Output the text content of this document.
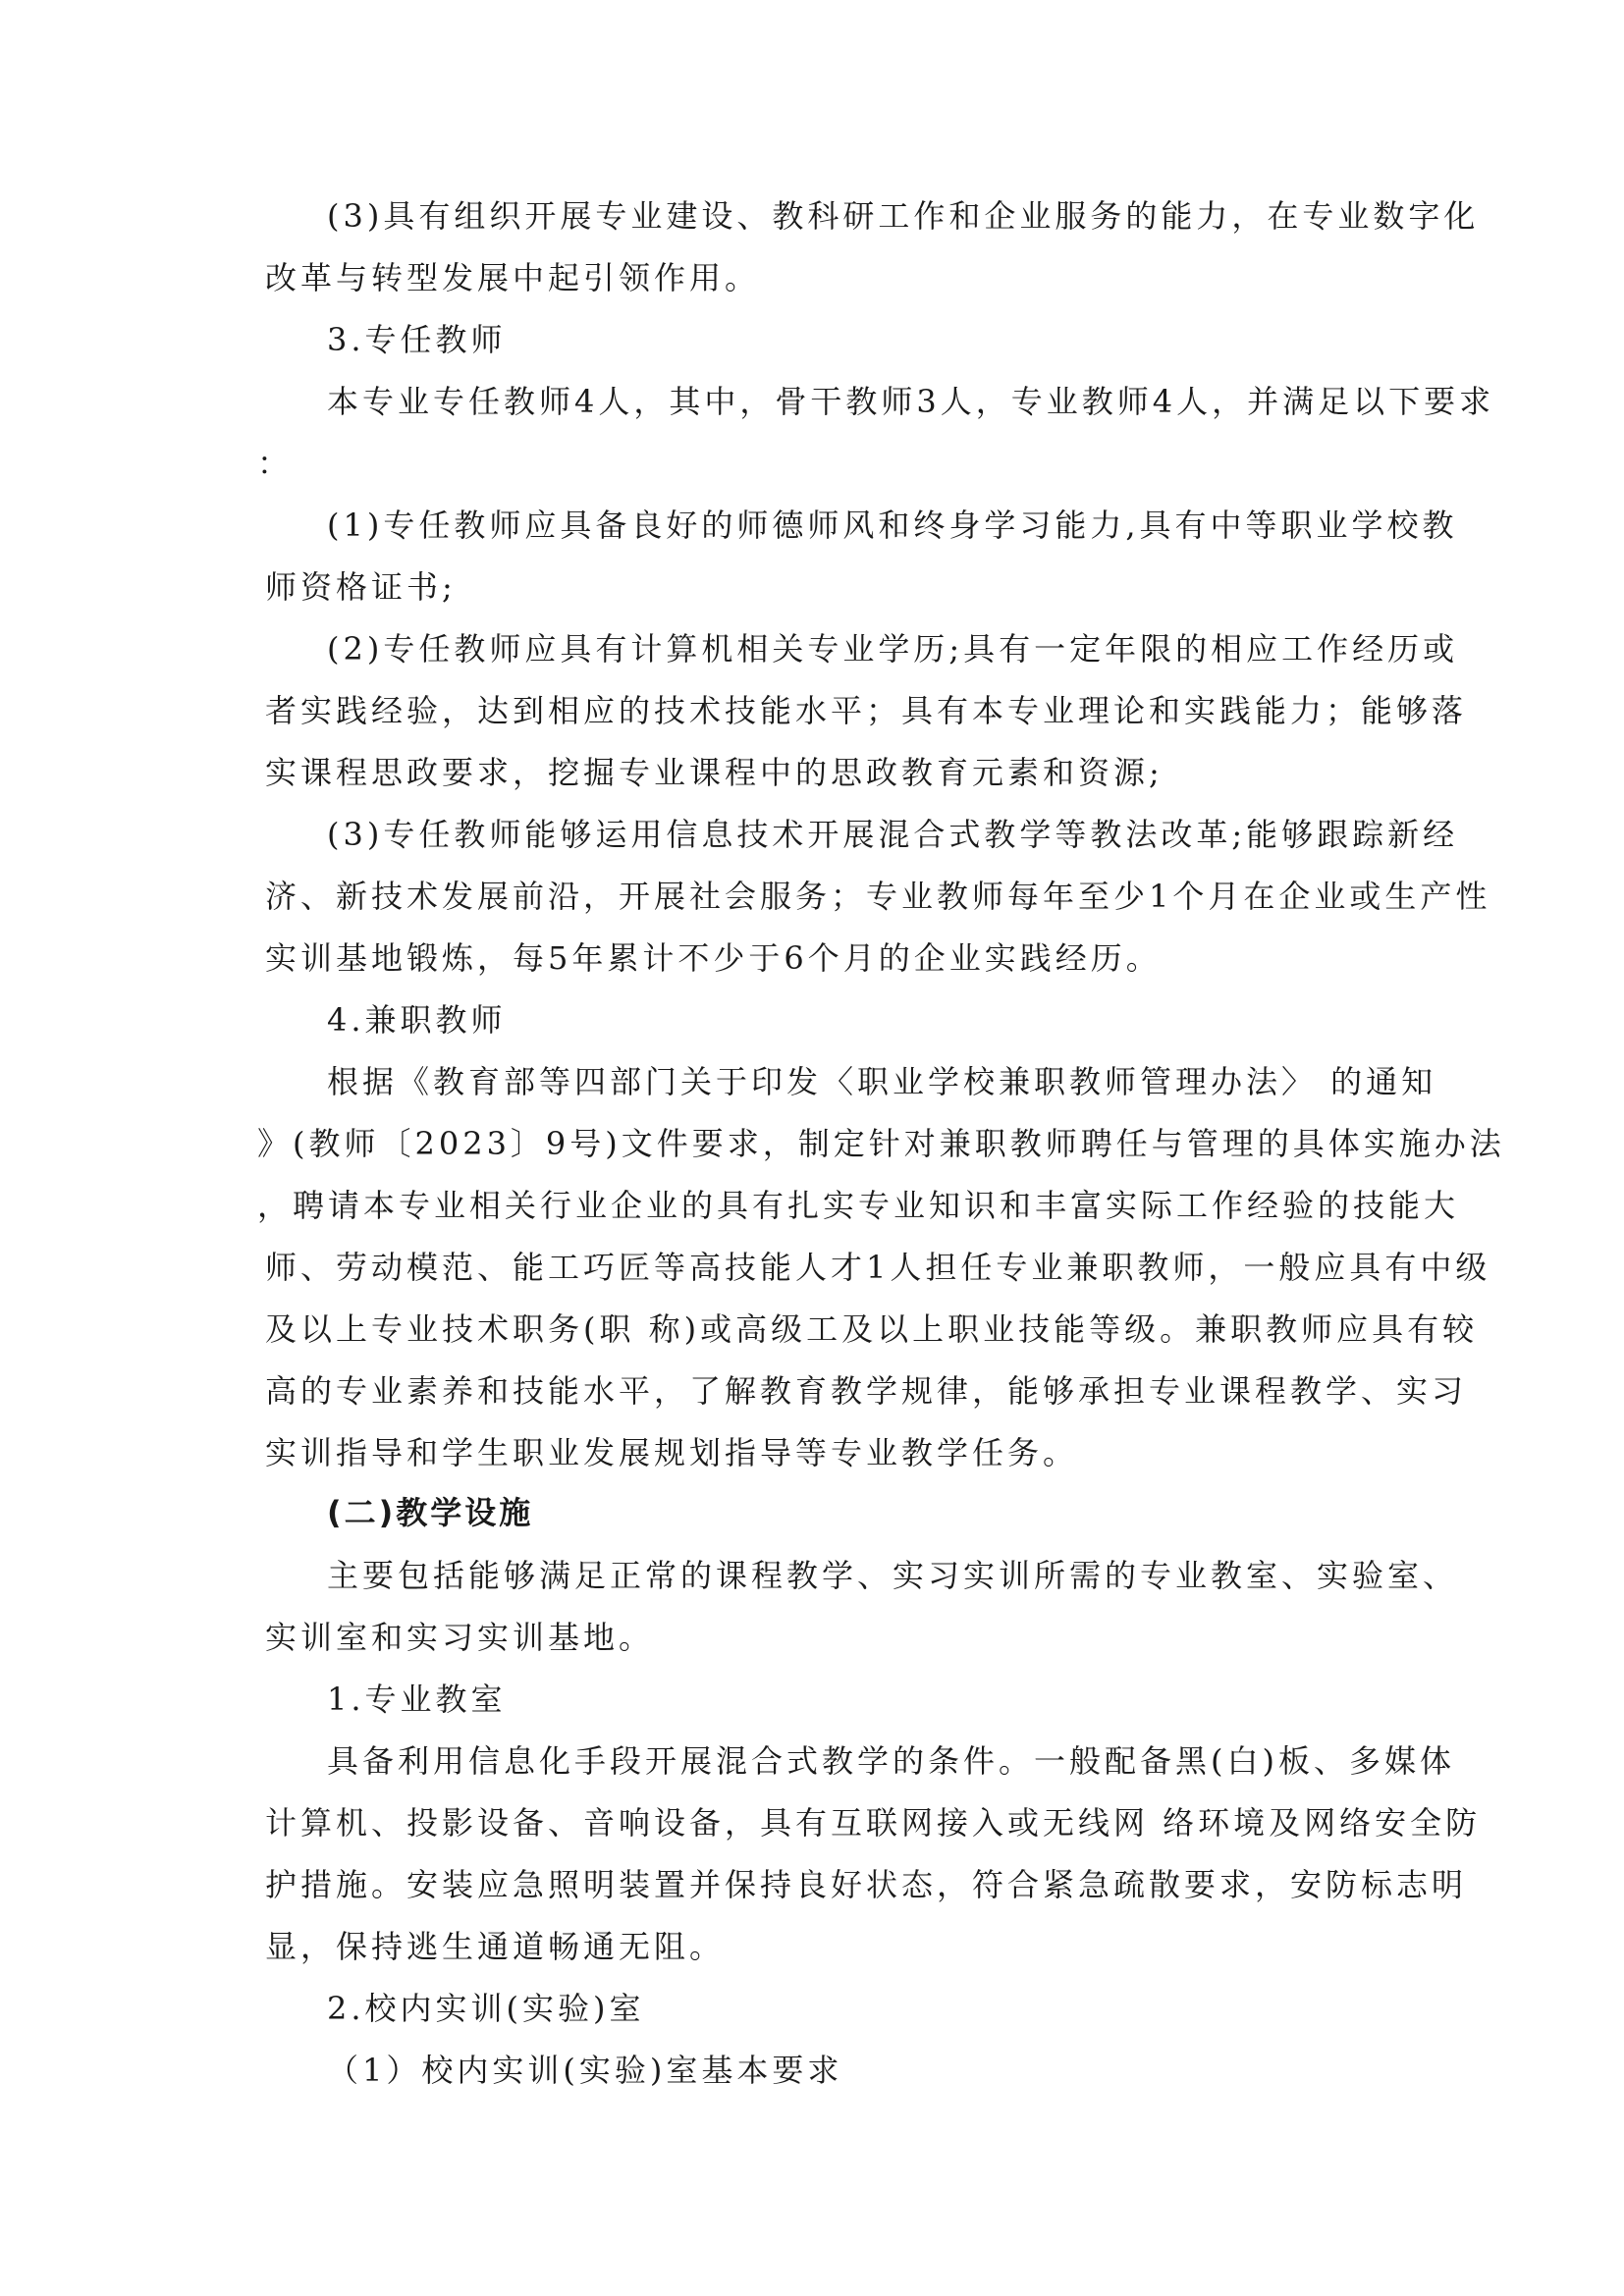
(3)具有组织开展专业建设、教科研工作和企业服务的能力，在专业数字化
改革与转型发展中起引领作用。
3.专任教师
本专业专任教师4人，其中，骨干教师3人，专业教师4人，并满足以下要求
：
(1)专任教师应具备良好的师德师风和终身学习能力,具有中等职业学校教
师资格证书;
(2)专任教师应具有计算机相关专业学历;具有一定年限的相应工作经历或
者实践经验，达到相应的技术技能水平；具有本专业理论和实践能力；能够落
实课程思政要求，挖掘专业课程中的思政教育元素和资源;
(3)专任教师能够运用信息技术开展混合式教学等教法改革;能够跟踪新经
济、新技术发展前沿，开展社会服务；专业教师每年至少1个月在企业或生产性
实训基地锻炼，每5年累计不少于6个月的企业实践经历。
4.兼职教师
根据《教育部等四部门关于印发〈职业学校兼职教师管理办法〉 的通知
》(教师〔2023〕9号)文件要求，制定针对兼职教师聘任与管理的具体实施办法
，聘请本专业相关行业企业的具有扎实专业知识和丰富实际工作经验的技能大
师、劳动模范、能工巧匠等高技能人才1人担任专业兼职教师，一般应具有中级
及以上专业技术职务(职 称)或高级工及以上职业技能等级。兼职教师应具有较
高的专业素养和技能水平，了解教育教学规律，能够承担专业课程教学、实习
实训指导和学生职业发展规划指导等专业教学任务。
(二)教学设施
主要包括能够满足正常的课程教学、实习实训所需的专业教室、实验室、
实训室和实习实训基地。
1.专业教室
具备利用信息化手段开展混合式教学的条件。一般配备黑(白)板、多媒体
计算机、投影设备、音响设备，具有互联网接入或无线网 络环境及网络安全防
护措施。安装应急照明装置并保持良好状态，符合紧急疏散要求，安防标志明
显，保持逃生通道畅通无阻。
2.校内实训(实验)室
（1）校内实训(实验)室基本要求
